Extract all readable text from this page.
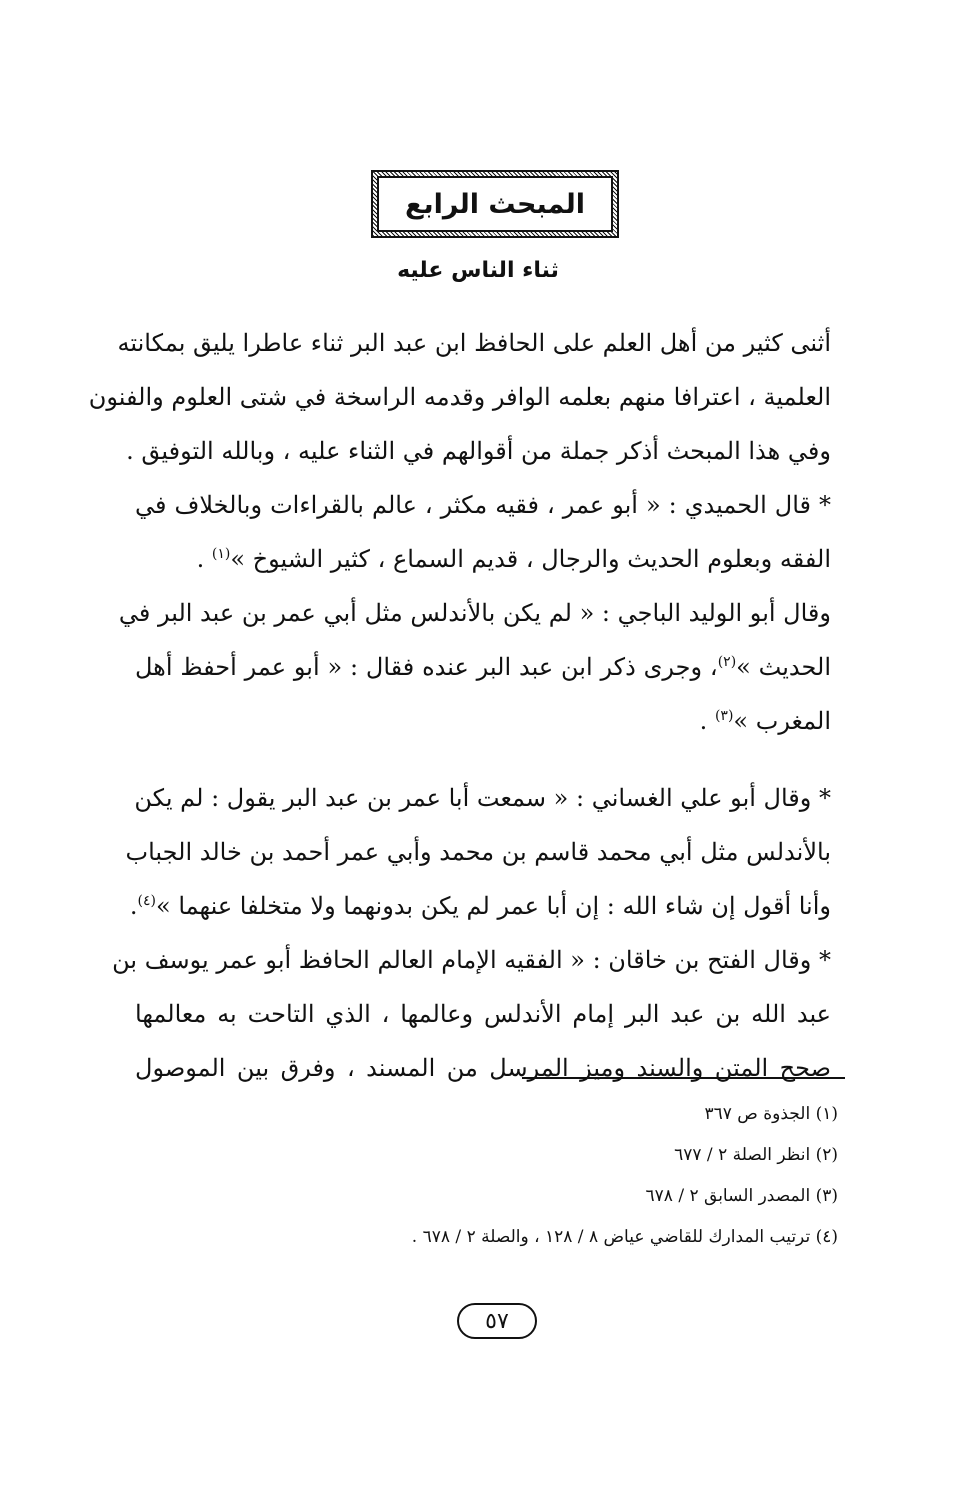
المبحث الرابع
ثناء الناس عليه
أثنى كثير من أهل العلم على الحافظ ابن عبد البر ثناء عاطرا يليق بمكانته
العلمية ، اعترافا منهم بعلمه الوافر وقدمه الراسخة في شتى العلوم والفنون
وفي هذا المبحث أذكر جملة من أقوالهم في الثناء عليه ، وبالله التوفيق .
* قال الحميدي : « أبو عمر ، فقيه مكثر ، عالم بالقراءات وبالخلاف في
الفقه وبعلوم الحديث والرجال ، قديم السماع ، كثير الشيوخ »$^{(١)}$ .
وقال أبو الوليد الباجي : « لم يكن بالأندلس مثل أبي عمر بن عبد البر في
الحديث »$^{(٢)}$، وجرى ذكر ابن عبد البر عنده فقال : « أبو عمر أحفظ أهل
المغرب »$^{(٣)}$ .
* وقال أبو علي الغساني : « سمعت أبا عمر بن عبد البر يقول : لم يكن
بالأندلس مثل أبي محمد قاسم بن محمد وأبي عمر أحمد بن خالد الجباب
وأنا أقول إن شاء الله : إن أبا عمر لم يكن بدونهما ولا متخلفا عنهما »$^{(٤)}$.
* وقال الفتح بن خاقان : « الفقيه الإمام العالم الحافظ أبو عمر يوسف بن
عبد الله بن عبد البر إمام الأندلس وعالمها ، الذي التاحت به معالمها
صحح المتن والسند وميز المرسل من المسند ، وفرق بين الموصول
(١) الجذوة ص ٣٦٧
(٢) انظر الصلة ٢ / ٦٧٧
(٣) المصدر السابق ٢ / ٦٧٨
(٤) ترتيب المدارك للقاضي عياض ٨ / ١٢٨ ، والصلة ٢ / ٦٧٨ .
٥٧
